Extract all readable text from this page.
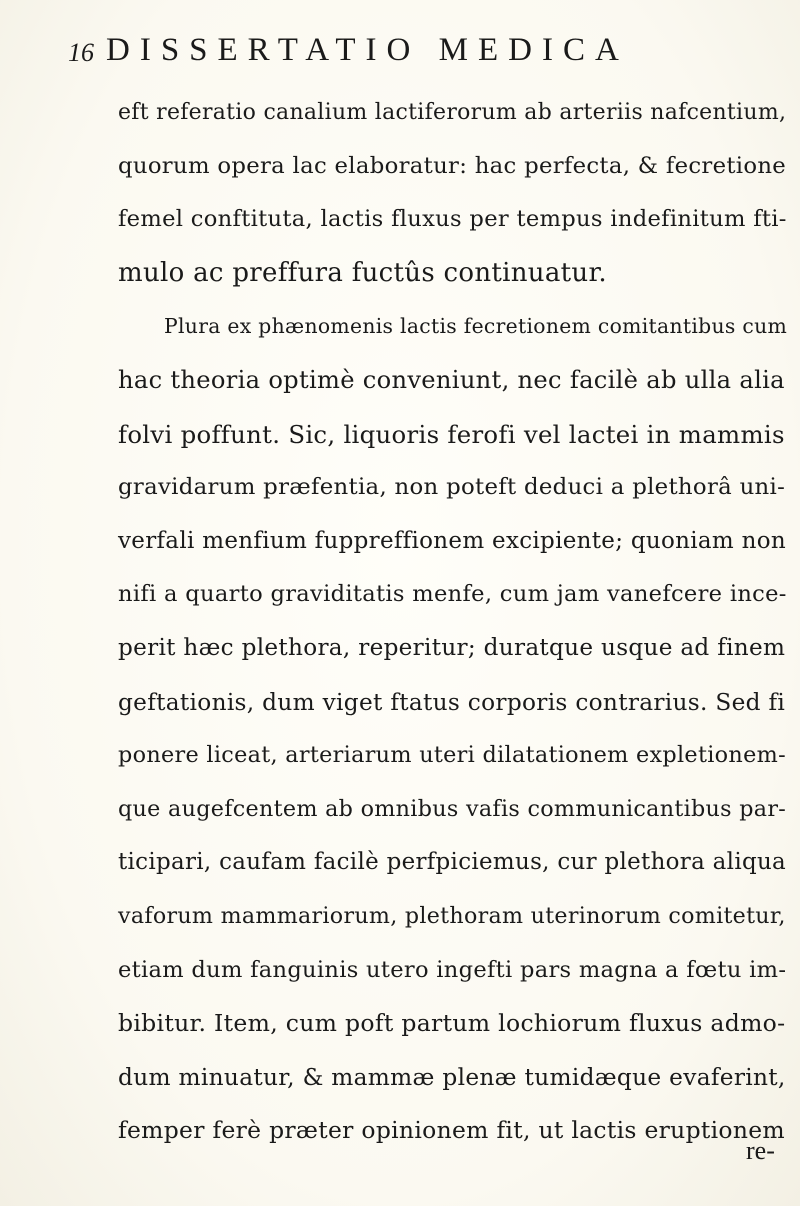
16 DISSERTATIO MEDICA
eft referatio canalium lactiferorum ab arteriis nafcentium,
quorum opera lac elaboratur: hac perfecta, & fecretione
femel conftituta, lactis fluxus per tempus indefinitum fti-
mulo ac preffura fuctûs continuatur.
Plura ex phænomenis lactis fecretionem comitantibus cum
hac theoria optimè conveniunt, nec facilè ab ulla alia
folvi poffunt. Sic, liquoris ferofi vel lactei in mammis
gravidarum præfentia, non poteft deduci a plethorâ uni-
verfali menfium fuppreffionem excipiente; quoniam non
nifi a quarto graviditatis menfe, cum jam vanefcere ince-
perit hæc plethora, reperitur; duratque usque ad finem
geftationis, dum viget ftatus corporis contrarius. Sed fi
ponere liceat, arteriarum uteri dilatationem expletionem-
que augefcentem ab omnibus vafis communicantibus par-
ticipari, caufam facilè perfpiciemus, cur plethora aliqua
vaforum mammariorum, plethoram uterinorum comitetur,
etiam dum fanguinis utero ingefti pars magna a fœtu im-
bibitur. Item, cum poft partum lochiorum fluxus admo-
dum minuatur, & mammæ plenæ tumidæque evaferint,
femper ferè præter opinionem fit, ut lactis eruptionem
re-
